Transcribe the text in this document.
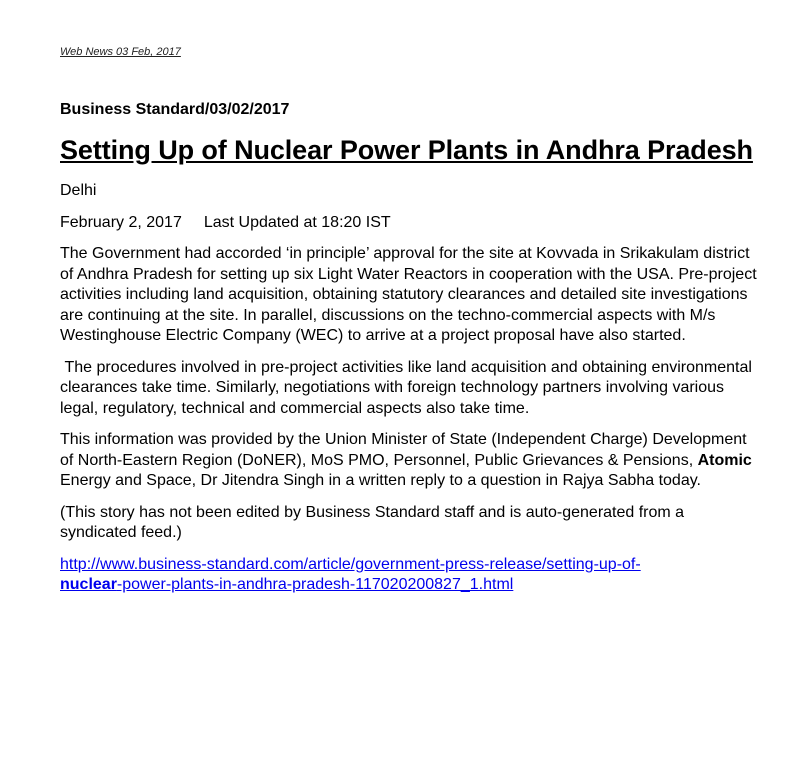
Web News 03 Feb, 2017
Business Standard/03/02/2017
Setting Up of Nuclear Power Plants in Andhra Pradesh

Delhi

February 2, 2017 Last Updated at 18:20 IST

The Government had accorded ‘in principle’ approval for the site at Kovvada in Srikakulam district of Andhra Pradesh for setting up six Light Water Reactors in cooperation with the USA. Pre-project activities including land acquisition, obtaining statutory clearances and detailed site investigations are continuing at the site. In parallel, discussions on the techno-commercial aspects with M/s Westinghouse Electric Company (WEC) to arrive at a project proposal have also started.

The procedures involved in pre-project activities like land acquisition and obtaining environmental clearances take time. Similarly, negotiations with foreign technology partners involving various legal, regulatory, technical and commercial aspects also take time.

This information was provided by the Union Minister of State (Independent Charge) Development of North-Eastern Region (DoNER), MoS PMO, Personnel, Public Grievances & Pensions, Atomic Energy and Space, Dr Jitendra Singh in a written reply to a question in Rajya Sabha today.

(This story has not been edited by Business Standard staff and is auto-generated from a syndicated feed.)

http://www.business-standard.com/article/government-press-release/setting-up-of-
nuclear-power-plants-in-andhra-pradesh-117020200827_1.html
